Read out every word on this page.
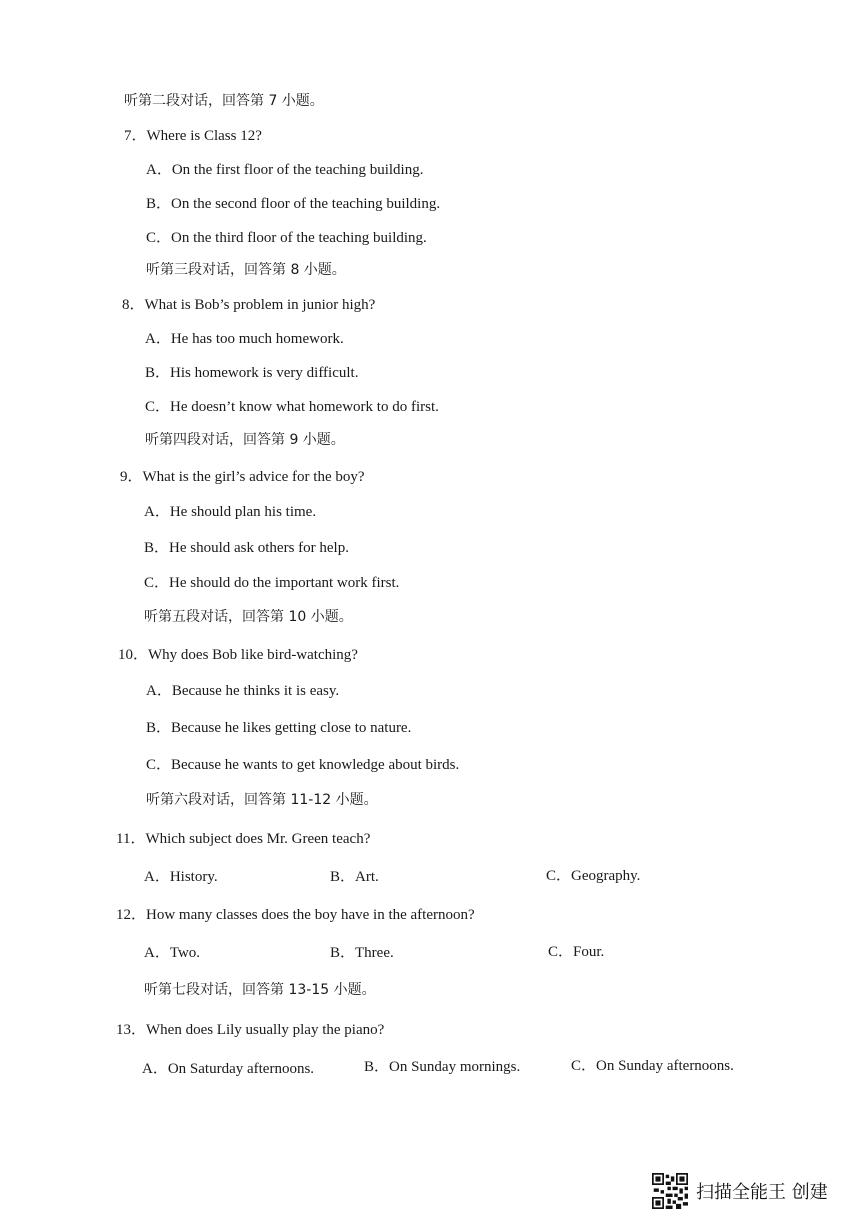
听第二段对话，回答第 7 小题。
7．Where is Class 12?
A．On the first floor of the teaching building.
B．On the second floor of the teaching building.
C．On the third floor of the teaching building.
听第三段对话，回答第 8 小题。
8．What is Bob’s problem in junior high?
A．He has too much homework.
B．His homework is very difficult.
C．He doesn’t know what homework to do first.
听第四段对话，回答第 9 小题。
9．What is the girl’s advice for the boy?
A．He should plan his time.
B．He should ask others for help.
C．He should do the important work first.
听第五段对话，回答第 10 小题。
10．Why does Bob like bird-watching?
A．Because he thinks it is easy.
B．Because he likes getting close to nature.
C．Because he wants to get knowledge about birds.
听第六段对话，回答第 11-12 小题。
11．Which subject does Mr. Green teach?
A．History.	B．Art.	C．Geography.
12．How many classes does the boy have in the afternoon?
A．Two.	B．Three.	C．Four.
听第七段对话，回答第 13-15 小题。
13．When does Lily usually play the piano?
A．On Saturday afternoons.	B．On Sunday mornings.	C．On Sunday afternoons.
扫描全能王 创建
